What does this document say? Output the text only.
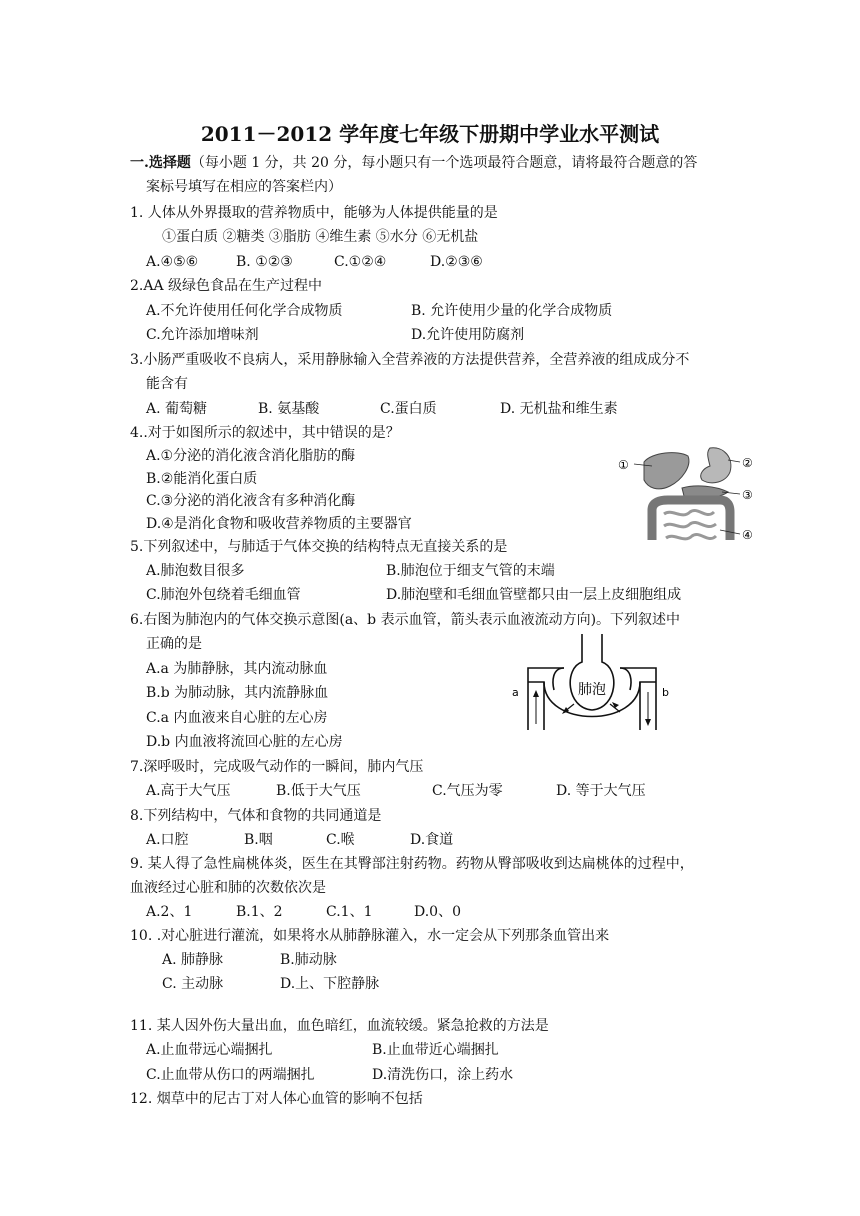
2011－2012 学年度七年级下册期中学业水平测试
一.选择题（每小题 1 分，共 20 分，每小题只有一个选项最符合题意，请将最符合题意的答
案标号填写在相应的答案栏内）
1. 人体从外界摄取的营养物质中，能够为人体提供能量的是
①蛋白质 ②糖类 ③脂肪 ④维生素 ⑤水分 ⑥无机盐
A.④⑤⑥	B. ①②③	C.①②④	D.②③⑥
2.AA 级绿色食品在生产过程中
A.不允许使用任何化学合成物质	B. 允许使用少量的化学合成物质
C.允许添加增味剂	D.允许使用防腐剂
3.小肠严重吸收不良病人，采用静脉输入全营养液的方法提供营养，全营养液的组成成分不
能含有
A. 葡萄糖	B. 氨基酸	C.蛋白质	D. 无机盐和维生素
4..对于如图所示的叙述中，其中错误的是？
A.①分泌的消化液含消化脂肪的酶
B.②能消化蛋白质
C.③分泌的消化液含有多种消化酶
D.④是消化食物和吸收营养物质的主要器官
①	②
③
④
5.下列叙述中，与肺适于气体交换的结构特点无直接关系的是
A.肺泡数目很多	B.肺泡位于细支气管的末端
C.肺泡外包绕着毛细血管	D.肺泡壁和毛细血管壁都只由一层上皮细胞组成
6.右图为肺泡内的气体交换示意图(a、b 表示血管，箭头表示血液流动方向)。下列叙述中
正确的是
A.a 为肺静脉，其内流动脉血
B.b 为肺动脉，其内流静脉血
C.a 内血液来自心脏的左心房
D.b 内血液将流回心脏的左心房
肺泡
a	b
7.深呼吸时，完成吸气动作的一瞬间，肺内气压
A.高于大气压	B.低于大气压	C.气压为零	D. 等于大气压
8.下列结构中，气体和食物的共同通道是
A.口腔	B.咽	C.喉	D.食道
9. 某人得了急性扁桃体炎，医生在其臀部注射药物。药物从臀部吸收到达扁桃体的过程中，
血液经过心脏和肺的次数依次是
A.2、1	B.1、2	C.1、1	D.0、0
10. .对心脏进行灌流，如果将水从肺静脉灌入，水一定会从下列那条血管出来
A. 肺静脉	B.肺动脉
C. 主动脉	D.上、下腔静脉
11. 某人因外伤大量出血，血色暗红，血流较缓。紧急抢救的方法是
A.止血带远心端捆扎	B.止血带近心端捆扎
C.止血带从伤口的两端捆扎	D.清洗伤口，涂上药水
12. 烟草中的尼古丁对人体心血管的影响不包括
